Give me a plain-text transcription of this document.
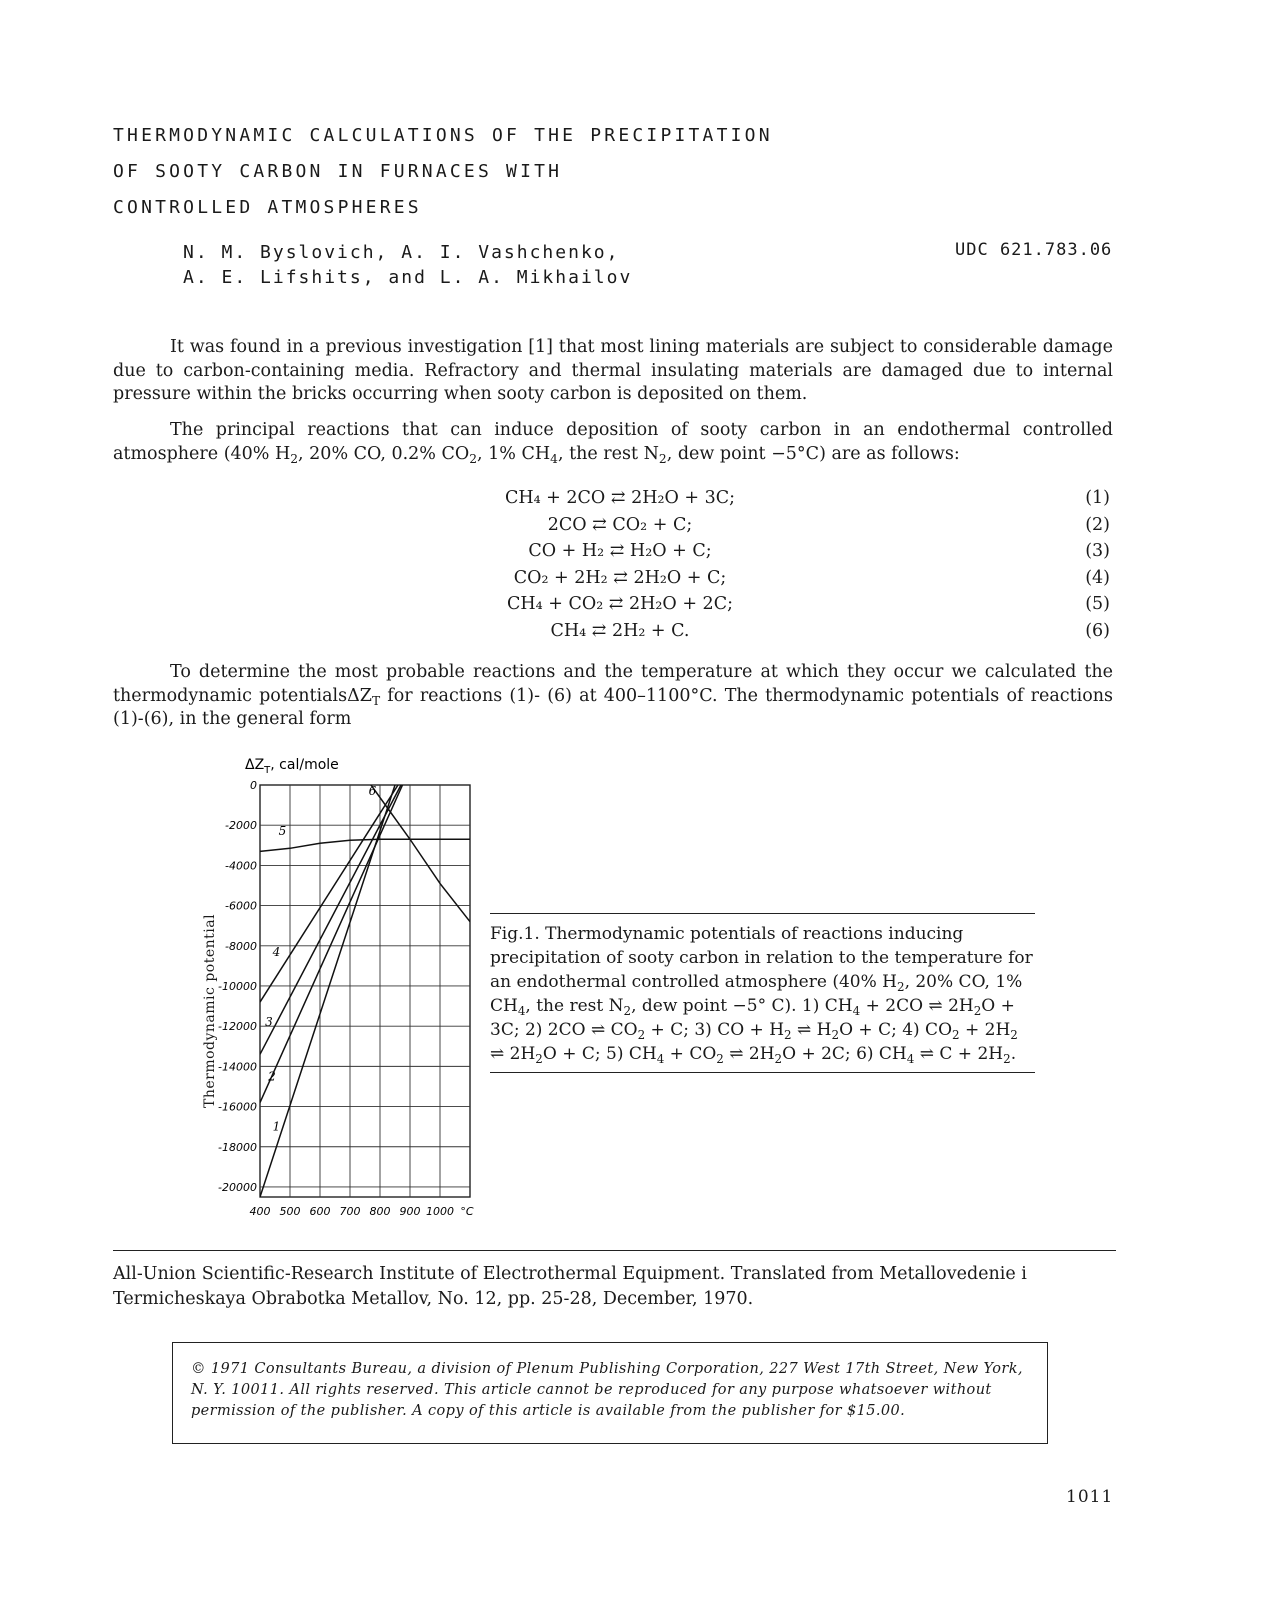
THERMODYNAMIC CALCULATIONS OF THE PRECIPITATION
OF SOOTY CARBON IN FURNACES WITH
CONTROLLED ATMOSPHERES
N. M. Byslovich, A. I. Vashchenko,
A. E. Lifshits, and L. A. Mikhailov
UDC 621.783.06
It was found in a previous investigation [1] that most lining materials are subject to considerable damage due to carbon-containing media. Refractory and thermal insulating materials are damaged due to internal pressure within the bricks occurring when sooty carbon is deposited on them.
The principal reactions that can induce deposition of sooty carbon in an endothermal controlled atmosphere (40% $H_2$, 20% CO, 0.2% $CO_2$, 1% $CH_4$, the rest $N_2$, dew point −5°C) are as follows:
CH₄ + 2CO ⇄ 2H₂O + 3C;	(1)
2CO ⇄ CO₂ + C;	(2)
CO + H₂ ⇄ H₂O + C;	(3)
CO₂ + 2H₂ ⇄ 2H₂O + C;	(4)
CH₄ + CO₂ ⇄ 2H₂O + 2C;	(5)
CH₄ ⇄ 2H₂ + C.	(6)
To determine the most probable reactions and the temperature at which they occur we calculated the thermodynamic potentialsΔZ$_T$ for reactions (1)- (6) at 400–1100°C. The thermodynamic potentials of reactions (1)-(6), in the general form
$\Delta Z_T$, cal/mole
0
-2000
-4000
-6000
-8000
-10000
-12000
-14000
-16000
-18000
-20000
400 500 600 700 800 900 1000 °C
1
2
3
4
5
6
Thermodynamic potential	Fig.1. Thermodynamic potentials of reactions inducing precipitation of sooty carbon in relation to the temperature for an endothermal controlled atmosphere (40% $H_2$, 20% CO, 1% $CH_4$, the rest $N_2$, dew point −5° C). 1) $CH_4 + 2CO$ ⇌ $2H_2O + 3C$; 2) 2CO ⇌ $CO_2 + C$; 3) CO + $H_2$ ⇌ $H_2O + C$; 4) $CO_2 + 2H_2$ ⇌ $2H_2O + C$; 5) $CH_4 + CO_2$ ⇌ $2H_2O + 2C$; 6) $CH_4$ ⇌ $C + 2H_2$.
All-Union Scientific-Research Institute of Electrothermal Equipment. Translated from Metallovedenie i Termicheskaya Obrabotka Metallov, No. 12, pp. 25-28, December, 1970.
© 1971 Consultants Bureau, a division of Plenum Publishing Corporation, 227 West 17th Street, New York, N. Y. 10011. All rights reserved. This article cannot be reproduced for any purpose whatsoever without permission of the publisher. A copy of this article is available from the publisher for $15.00.
1011
